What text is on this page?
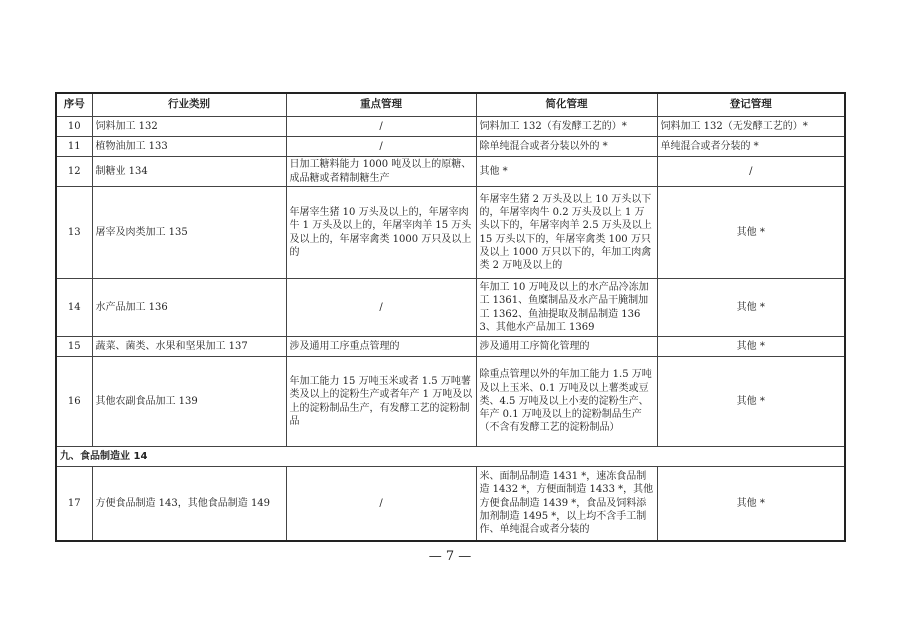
序号	行业类别	重点管理	简化管理	登记管理
10	饲料加工 132	/	饲料加工 132（有发酵工艺的）*	饲料加工 132（无发酵工艺的）*
11	植物油加工 133	/	除单纯混合或者分装以外的 *	单纯混合或者分装的 *
12	制糖业 134	日加工糖料能力 1000 吨及以上的原糖、成品糖或者精制糖生产	其他 *	/
13	屠宰及肉类加工 135	年屠宰生猪 10 万头及以上的，年屠宰肉牛 1 万头及以上的，年屠宰肉羊 15 万头及以上的，年屠宰禽类 1000 万只及以上的	年屠宰生猪 2 万头及以上 10 万头以下的，年屠宰肉牛 0.2 万头及以上 1 万头以下的，年屠宰肉羊 2.5 万头及以上 15 万头以下的，年屠宰禽类 100 万只及以上 1000 万只以下的，年加工肉禽类 2 万吨及以上的	其他 *
14	水产品加工 136	/	年加工 10 万吨及以上的水产品冷冻加工 1361、鱼糜制品及水产品干腌制加工 1362、鱼油提取及制品制造 1363、其他水产品加工 1369	其他 *
15	蔬菜、菌类、水果和坚果加工 137	涉及通用工序重点管理的	涉及通用工序简化管理的	其他 *
16	其他农副食品加工 139	年加工能力 15 万吨玉米或者 1.5 万吨薯类及以上的淀粉生产或者年产 1 万吨及以上的淀粉制品生产，有发酵工艺的淀粉制品	除重点管理以外的年加工能力 1.5 万吨及以上玉米、0.1 万吨及以上薯类或豆类、4.5 万吨及以上小麦的淀粉生产、年产 0.1 万吨及以上的淀粉制品生产（不含有发酵工艺的淀粉制品）	其他 *
九、食品制造业 14				
17	方便食品制造 143，其他食品制造 149	/	米、面制品制造 1431 *，速冻食品制造 1432 *，方便面制造 1433 *，其他方便食品制造 1439 *，食品及饲料添加剂制造 1495 *，以上均不含手工制作、单纯混合或者分装的	其他 *
— 7 —
